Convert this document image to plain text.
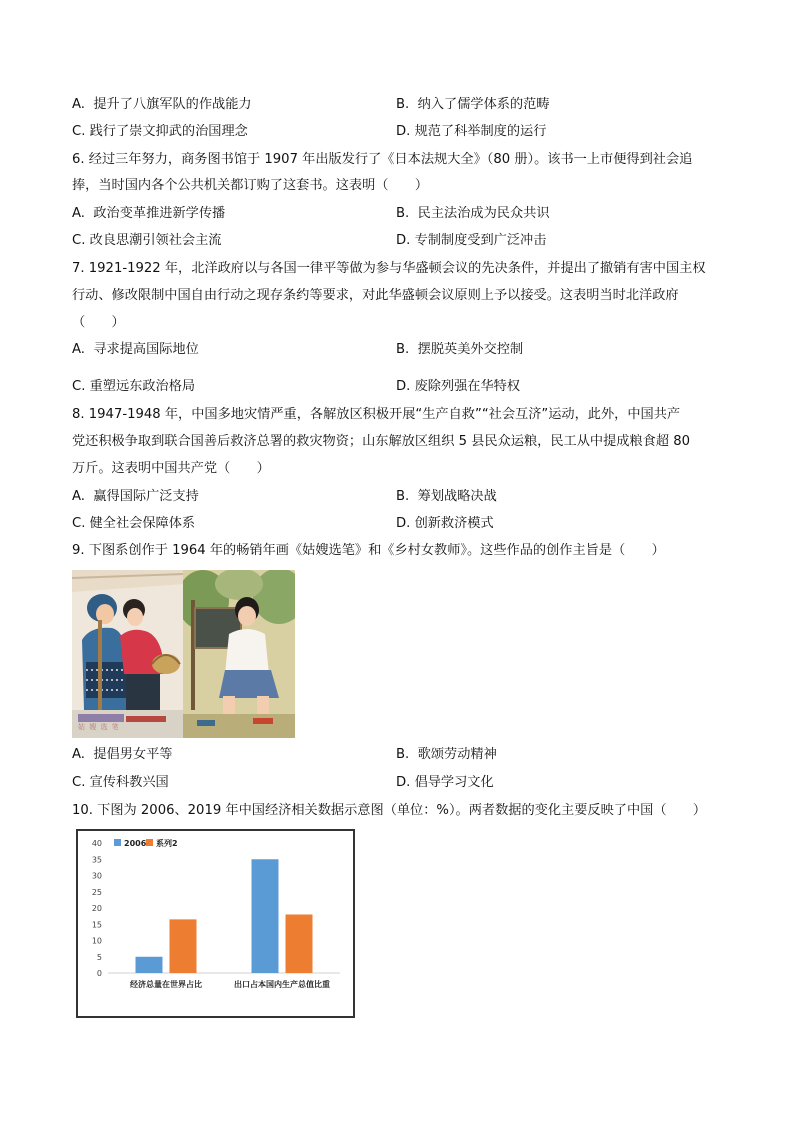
A. 提升了八旗军队的作战能力	B. 纳入了儒学体系的范畴
C. 践行了崇文抑武的治国理念	D. 规范了科举制度的运行
6. 经过三年努力，商务图书馆于 1907 年出版发行了《日本法规大全》（80 册）。该书一上市便得到社会追
捧，当时国内各个公共机关都订购了这套书。这表明（　　）
A. 政治变革推进新学传播	B. 民主法治成为民众共识
C. 改良思潮引领社会主流	D. 专制制度受到广泛冲击
7. 1921-1922 年，北洋政府以与各国一律平等做为参与华盛顿会议的先决条件，并提出了撤销有害中国主权
行动、修改限制中国自由行动之现存条约等要求，对此华盛顿会议原则上予以接受。这表明当时北洋政府
（　　）
A. 寻求提高国际地位	B. 摆脱英美外交控制
C. 重塑远东政治格局	D. 废除列强在华特权
8. 1947-1948 年，中国多地灾情严重，各解放区积极开展“生产自救”“社会互济”运动，此外，中国共产
党还积极争取到联合国善后救济总署的救灾物资；山东解放区组织 5 县民众运粮，民工从中提成粮食超 80
万斤。这表明中国共产党（　　）
A. 赢得国际广泛支持	B. 筹划战略决战
C. 健全社会保障体系	D. 创新救济模式
9. 下图系创作于 1964 年的畅销年画《姑嫂选笔》和《乡村女教师》。这些作品的创作主旨是（　　）
姑 嫂 选 笔
A. 提倡男女平等	B. 歌颂劳动精神
C. 宣传科教兴国	D. 倡导学习文化
10. 下图为 2006、2019 年中国经济相关数据示意图（单位：%）。两者数据的变化主要反映了中国（　　）
0
5
10
15
20
25
30
35
40
经济总量在世界占比	出口占本国内生产总值比重
2006 系列2
